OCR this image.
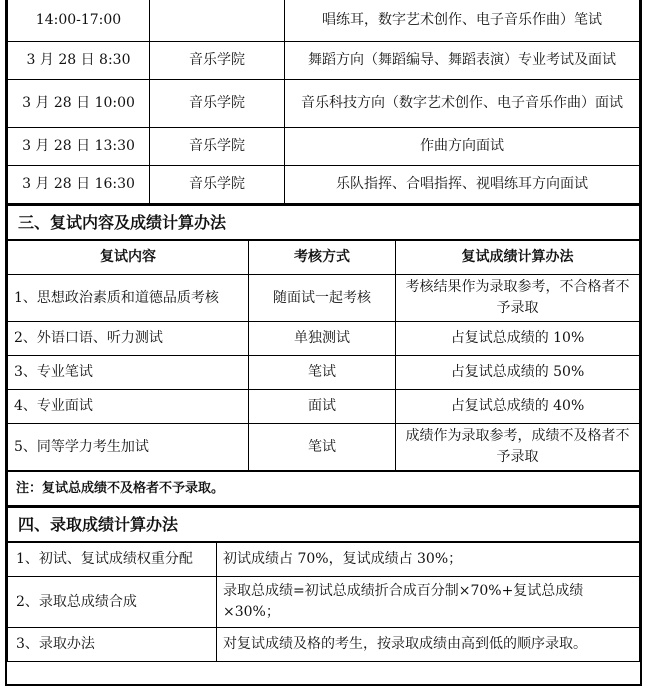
14:00-17:00		唱练耳，数字艺术创作、电子音乐作曲）笔试
3 月 28 日 8:30	音乐学院	舞蹈方向（舞蹈编导、舞蹈表演）专业考试及面试
3 月 28 日 10:00	音乐学院	音乐科技方向（数字艺术创作、电子音乐作曲）面试
3 月 28 日 13:30	音乐学院	作曲方向面试
3 月 28 日 16:30	音乐学院	乐队指挥、合唱指挥、视唱练耳方向面试
三、复试内容及成绩计算办法		
复试内容	考核方式	复试成绩计算办法
1、思想政治素质和道德品质考核	随面试一起考核	考核结果作为录取参考，不合格者不予录取
2、外语口语、听力测试	单独测试	占复试总成绩的 10%
3、专业笔试	笔试	占复试总成绩的 50%
4、专业面试	面试	占复试总成绩的 40%
5、同等学力考生加试	笔试	成绩作为录取参考，成绩不及格者不予录取
注：复试总成绩不及格者不予录取。		
四、录取成绩计算办法	
1、初试、复试成绩权重分配	初试成绩占 70%，复试成绩占 30%；
2、录取总成绩合成	录取总成绩=初试总成绩折合成百分制×70%+复试总成绩×30%；
3、录取办法	对复试成绩及格的考生，按录取成绩由高到低的顺序录取。
